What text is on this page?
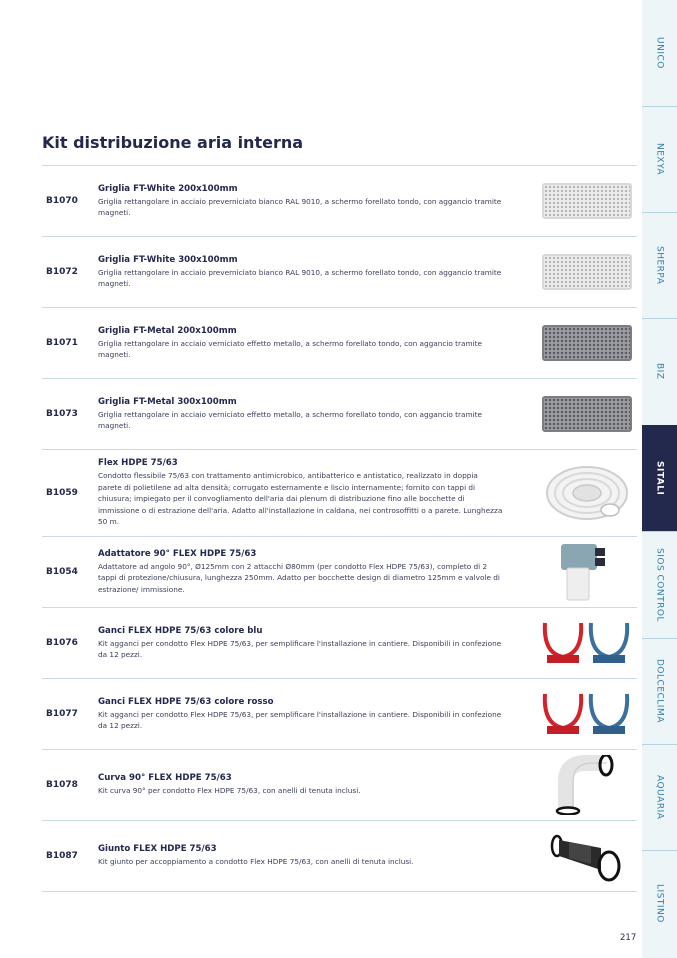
Kit distribuzione aria interna
B1070
Griglia FT-White 200x100mm
Griglia rettangolare in acciaio preverniciato bianco RAL 9010, a schermo forellato tondo, con aggancio tramite magneti.
B1072
Griglia FT-White 300x100mm
Griglia rettangolare in acciaio preverniciato bianco RAL 9010, a schermo forellato tondo, con aggancio tramite magneti.
B1071
Griglia FT-Metal 200x100mm
Griglia rettangolare in acciaio verniciato effetto metallo, a schermo forellato tondo, con aggancio tramite magneti.
B1073
Griglia FT-Metal 300x100mm
Griglia rettangolare in acciaio verniciato effetto metallo, a schermo forellato tondo, con aggancio tramite magneti.
B1059
Flex HDPE 75/63
Condotto flessibile 75/63 con trattamento antimicrobico, antibatterico e antistatico, realizzato in doppia parete di polietilene ad alta densità; corrugato esternamente e liscio internamente; fornito con tappi di chiusura; impiegato per il convogliamento dell'aria dai plenum di distribuzione fino alle bocchette di immissione o di estrazione dell'aria. Adatto all'installazione in caldana, nei controsoffitti o a parete. Lunghezza 50 m.
B1054
Adattatore 90° FLEX HDPE 75/63
Adattatore ad angolo 90°, Ø125mm con 2 attacchi Ø80mm (per condotto Flex HDPE 75/63), completo di 2 tappi di protezione/chiusura, lunghezza 250mm. Adatto per bocchette design di diametro 125mm e valvole di estrazione/ immissione.
B1076
Ganci FLEX HDPE 75/63 colore blu
Kit agganci per condotto Flex HDPE 75/63, per semplificare l'installazione in cantiere. Disponibili in confezione da 12 pezzi.
B1077
Ganci FLEX HDPE 75/63 colore rosso
Kit agganci per condotto Flex HDPE 75/63, per semplificare l'installazione in cantiere. Disponibili in confezione da 12 pezzi.
B1078
Curva 90° FLEX HDPE 75/63
Kit curva 90° per condotto Flex HDPE 75/63, con anelli di tenuta inclusi.
B1087
Giunto FLEX HDPE 75/63
Kit giunto per accoppiamento a condotto Flex HDPE 75/63, con anelli di tenuta inclusi.
UNICO
NEXYA
SHERPA
BIZ
SITALI
SIOS CONTROL
DOLCECLIMA
AQUARIA
LISTINO
217
